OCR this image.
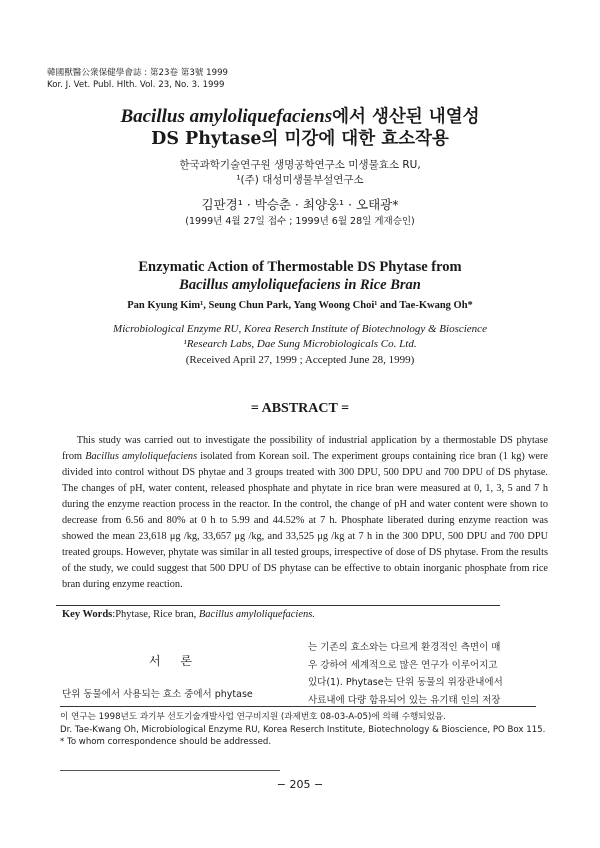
韓國獸醫公衆保健學會誌 : 第23卷 第3號 1999
Kor. J. Vet. Publ. Hlth. Vol. 23, No. 3. 1999
Bacillus amyloliquefaciens에서 생산된 내열성
DS Phytase의 미강에 대한 효소작용
한국과학기술연구원 생명공학연구소 미생물효소 RU,
¹(주) 대성미생물부설연구소
김판경¹ · 박승춘 · 최양웅¹ · 오태광*
(1999년 4월 27일 접수 ; 1999년 6월 28일 게재승인)
Enzymatic Action of Thermostable DS Phytase from
Bacillus amyloliquefaciens in Rice Bran
Pan Kyung Kim¹, Seung Chun Park, Yang Woong Choi¹ and Tae-Kwang Oh*
Microbiological Enzyme RU, Korea Reserch Institute of Biotechnology & Bioscience
¹Research Labs, Dae Sung Microbiologicals Co. Ltd.
(Received April 27, 1999 ; Accepted June 28, 1999)
= ABSTRACT =
This study was carried out to investigate the possibility of industrial application by a thermostable DS phytase from Bacillus amyloliquefaciens isolated from Korean soil. The experiment groups containing rice bran (1 kg) were divided into control without DS phytae and 3 groups treated with 300 DPU, 500 DPU and 700 DPU of DS phytase. The changes of pH, water content, released phosphate and phytate in rice bran were measured at 0, 1, 3, 5 and 7 h during the enzyme reaction process in the reactor. In the control, the change of pH and water content were shown to decrease from 6.56 and 80% at 0 h to 5.99 and 44.52% at 7 h. Phosphate liberated during enzyme reaction was showed the mean 23,618 μg /kg, 33,657 μg /kg, and 33,525 μg /kg at 7 h in the 300 DPU, 500 DPU and 700 DPU treated groups. However, phytate was similar in all tested groups, irrespective of dose of DS phytase. From the results of the study, we could suggest that 500 DPU of DS phytase can be effective to obtain inorganic phosphate from rice bran during enzyme reaction.
Key Words:Phytase, Rice bran, Bacillus amyloliquefaciens.
서 론
단위 동물에서 사용되는 효소 중에서 phytase
는 기존의 효소와는 다르게 환경적인 측면이 매
우 강하여 세계적으로 많은 연구가 이루어지고
있다(1). Phytase는 단위 동물의 위장관내에서
사료내에 다량 함유되어 있는 유기태 인의 저장
이 연구는 1998년도 과기부 선도기술개발사업 연구비지원 (과제번호 08-03-A-05)에 의해 수행되었음.
Dr. Tae-Kwang Oh, Microbiological Enzyme RU, Korea Reserch Institute, Biotechnology & Bioscience, PO Box 115.
* To whom correspondence should be addressed.
− 205 −
